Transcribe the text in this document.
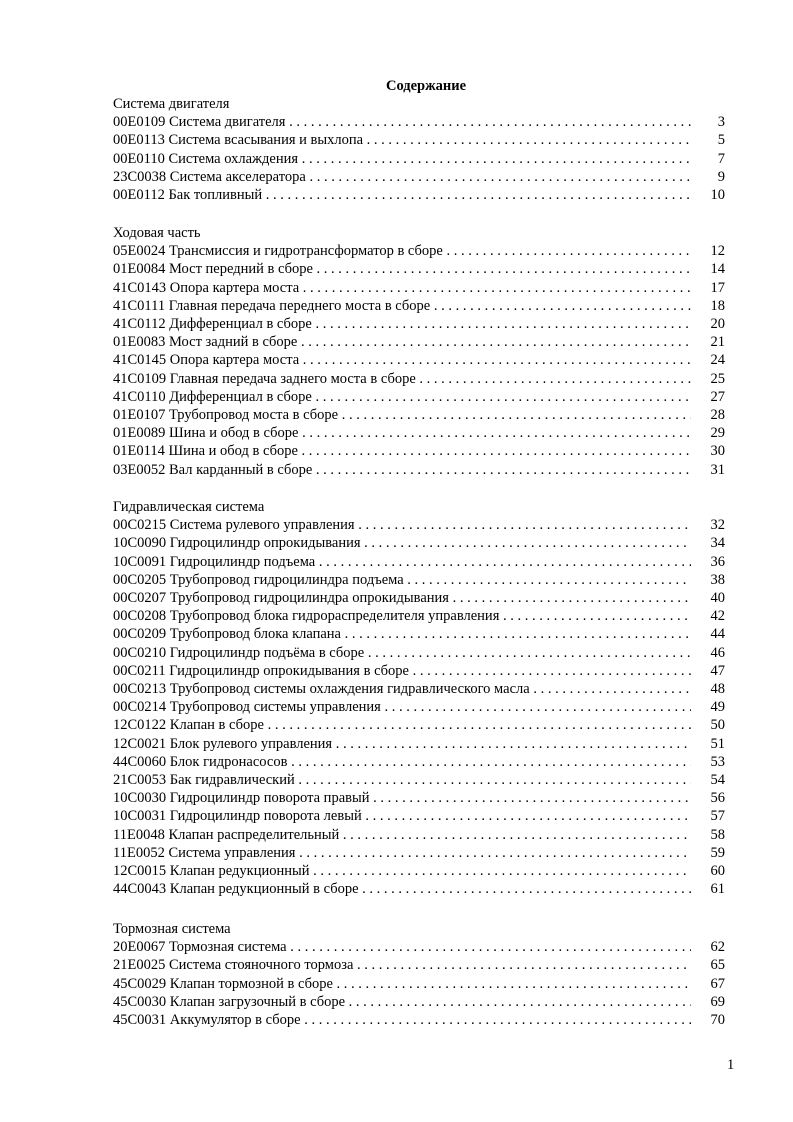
Содержание
Система двигателя
00E0109 Система двигателя . . .	3
00E0113 Система всасывания и выхлопа . . .	5
00E0110 Система охлаждения . . .	7
23C0038 Система акселератора . . .	9
00E0112 Бак топливный . . .	10
Ходовая часть
05E0024 Трансмиссия и гидротрансформатор в сборе . . .	12
01E0084 Мост передний в сборе . . .	14
41C0143 Опора картера моста . . .	17
41C0111 Главная передача переднего моста в сборе . . .	18
41C0112 Дифференциал в сборе . . .	20
01E0083 Мост задний в сборе . . .	21
41C0145 Опора картера моста . . .	24
41C0109 Главная передача заднего моста в сборе . . .	25
41C0110 Дифференциал в сборе . . .	27
01E0107 Трубопровод моста в сборе . . .	28
01E0089 Шина и обод в сборе . . .	29
01E0114 Шина и обод в сборе . . .	30
03E0052 Вал карданный в сборе . . .	31
Гидравлическая система
00C0215 Система рулевого управления . . .	32
10C0090 Гидроцилиндр опрокидывания . . .	34
10C0091 Гидроцилиндр подъема . . .	36
00C0205 Трубопровод гидроцилиндра подъема . . .	38
00C0207 Трубопровод гидроцилиндра опрокидывания . . .	40
00C0208 Трубопровод блока гидрораспределителя управления . . .	42
00C0209 Трубопровод блока клапана . . .	44
00C0210 Гидроцилиндр подъёма в сборе . . .	46
00C0211 Гидроцилиндр опрокидывания в сборе . . .	47
00C0213 Трубопровод системы охлаждения гидравлического масла . . .	48
00C0214 Трубопровод системы управления . . .	49
12C0122 Клапан в сборе . . .	50
12C0021 Блок рулевого управления . . .	51
44C0060 Блок гидронасосов . . .	53
21C0053 Бак гидравлический . . .	54
10C0030 Гидроцилиндр поворота правый . . .	56
10C0031 Гидроцилиндр поворота левый . . .	57
11E0048 Клапан распределительный . . .	58
11E0052 Система управления . . .	59
12C0015 Клапан редукционный . . .	60
44C0043 Клапан редукционный в сборе . . .	61
Тормозная система
20E0067 Тормозная система . . .	62
21E0025 Система стояночного тормоза . . .	65
45C0029 Клапан тормозной в сборе . . .	67
45C0030 Клапан загрузочный в сборе . . .	69
45C0031 Аккумулятор в сборе . . .	70
1
